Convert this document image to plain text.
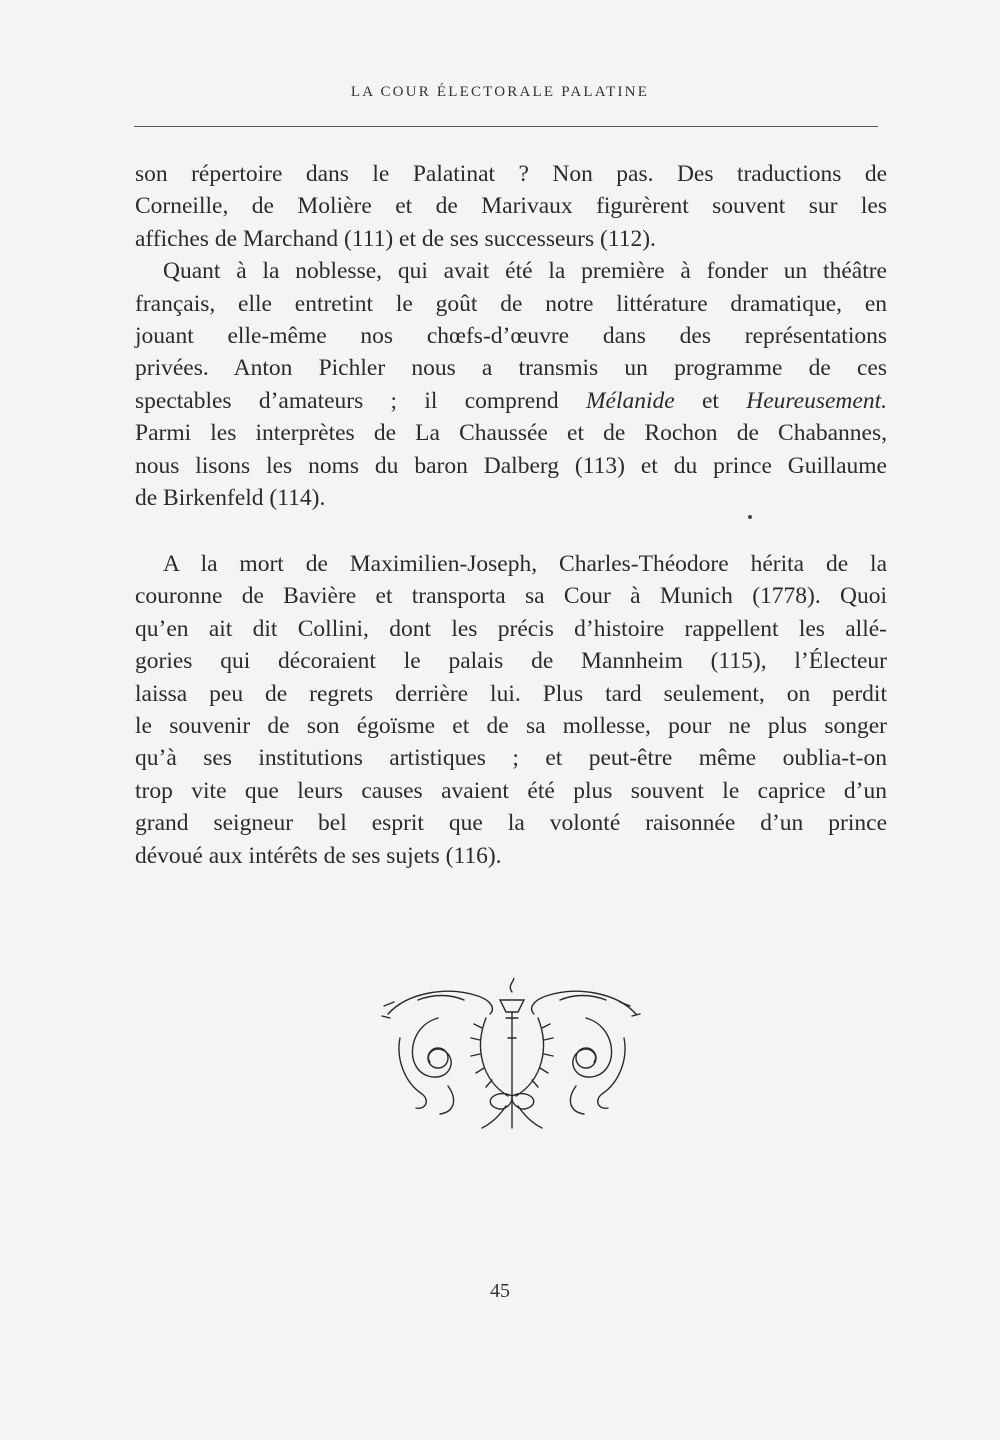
LA COUR ÉLECTORALE PALATINE
son répertoire dans le Palatinat ? Non pas. Des traductions de
Corneille, de Molière et de Marivaux figurèrent souvent sur les
affiches de Marchand (111) et de ses successeurs (112).
Quant à la noblesse, qui avait été la première à fonder un théâtre
français, elle entretint le goût de notre littérature dramatique, en
jouant elle-même nos chœfs-d’œuvre dans des représentations
privées. Anton Pichler nous a transmis un programme de ces
spectables d’amateurs ; il comprend Mélanide et Heureusement.
Parmi les interprètes de La Chaussée et de Rochon de Chabannes,
nous lisons les noms du baron Dalberg (113) et du prince Guillaume
de Birkenfeld (114).
A la mort de Maximilien-Joseph, Charles-Théodore hérita de la
couronne de Bavière et transporta sa Cour à Munich (1778). Quoi
qu’en ait dit Collini, dont les précis d’histoire rappellent les allé-
gories qui décoraient le palais de Mannheim (115), l’Électeur
laissa peu de regrets derrière lui. Plus tard seulement, on perdit
le souvenir de son égoïsme et de sa mollesse, pour ne plus songer
qu’à ses institutions artistiques ; et peut-être même oublia-t-on
trop vite que leurs causes avaient été plus souvent le caprice d’un
grand seigneur bel esprit que la volonté raisonnée d’un prince
dévoué aux intérêts de ses sujets (116).
45
